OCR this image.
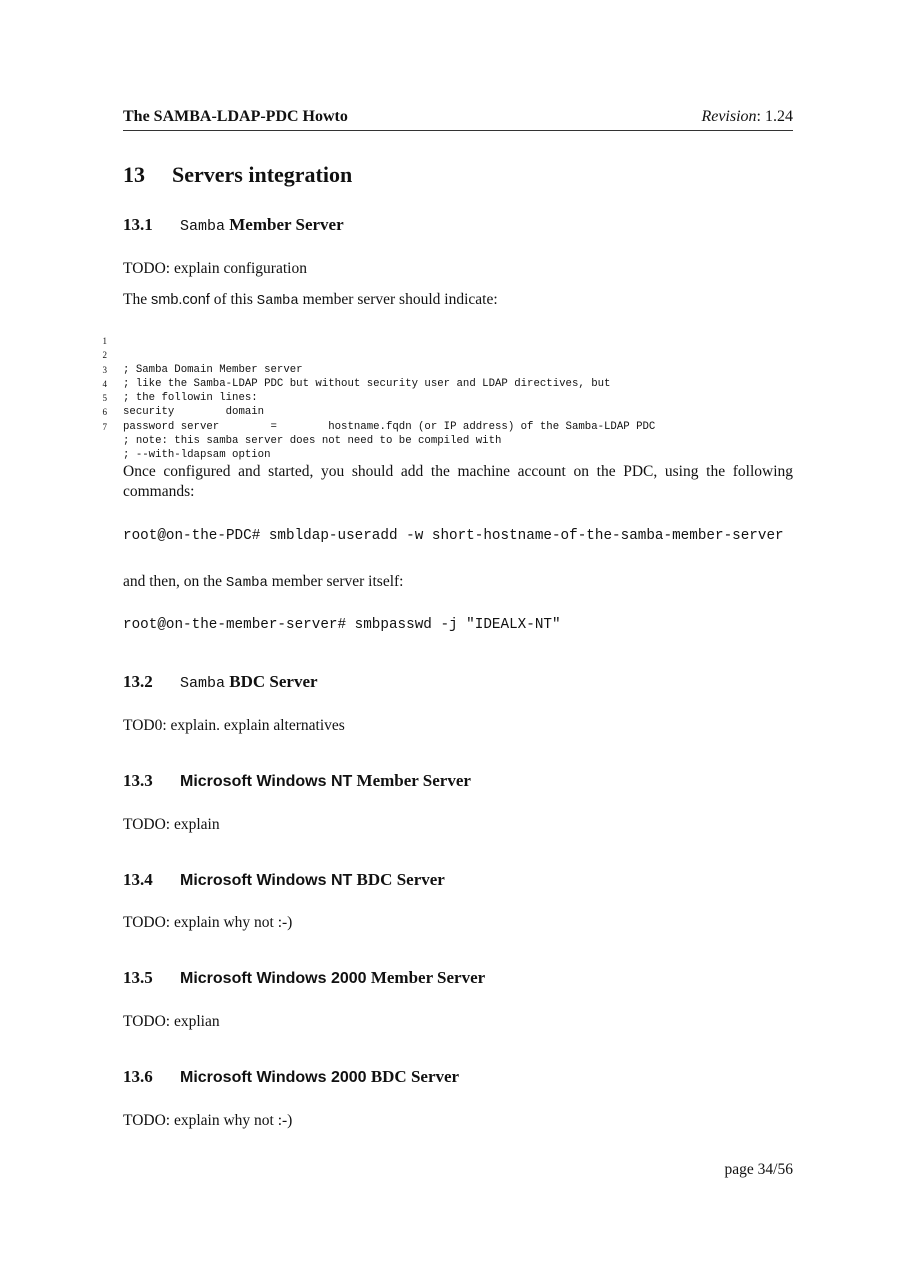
The SAMBA-LDAP-PDC Howto	Revision: 1.24
13 Servers integration
13.1 Samba Member Server
TODO: explain configuration
The smb.conf of this Samba member server should indicate:
1
2
3
4
5
6
7

; Samba Domain Member server
; like the Samba-LDAP PDC but without security user and LDAP directives, but
; the followin lines:
security        domain
password server        =        hostname.fqdn (or IP address) of the Samba-LDAP PDC
; note: this samba server does not need to be compiled with
; --with-ldapsam option

Once configured and started, you should add the machine account on the PDC, using the following commands:
root@on-the-PDC# smbldap-useradd -w short-hostname-of-the-samba-member-server
and then, on the Samba member server itself:
root@on-the-member-server# smbpasswd -j "IDEALX-NT"
13.2 Samba BDC Server
TOD0: explain. explain alternatives
13.3 Microsoft Windows NT Member Server
TODO: explain
13.4 Microsoft Windows NT BDC Server
TODO: explain why not :-)
13.5 Microsoft Windows 2000 Member Server
TODO: explian
13.6 Microsoft Windows 2000 BDC Server
TODO: explain why not :-)
page 34/56
